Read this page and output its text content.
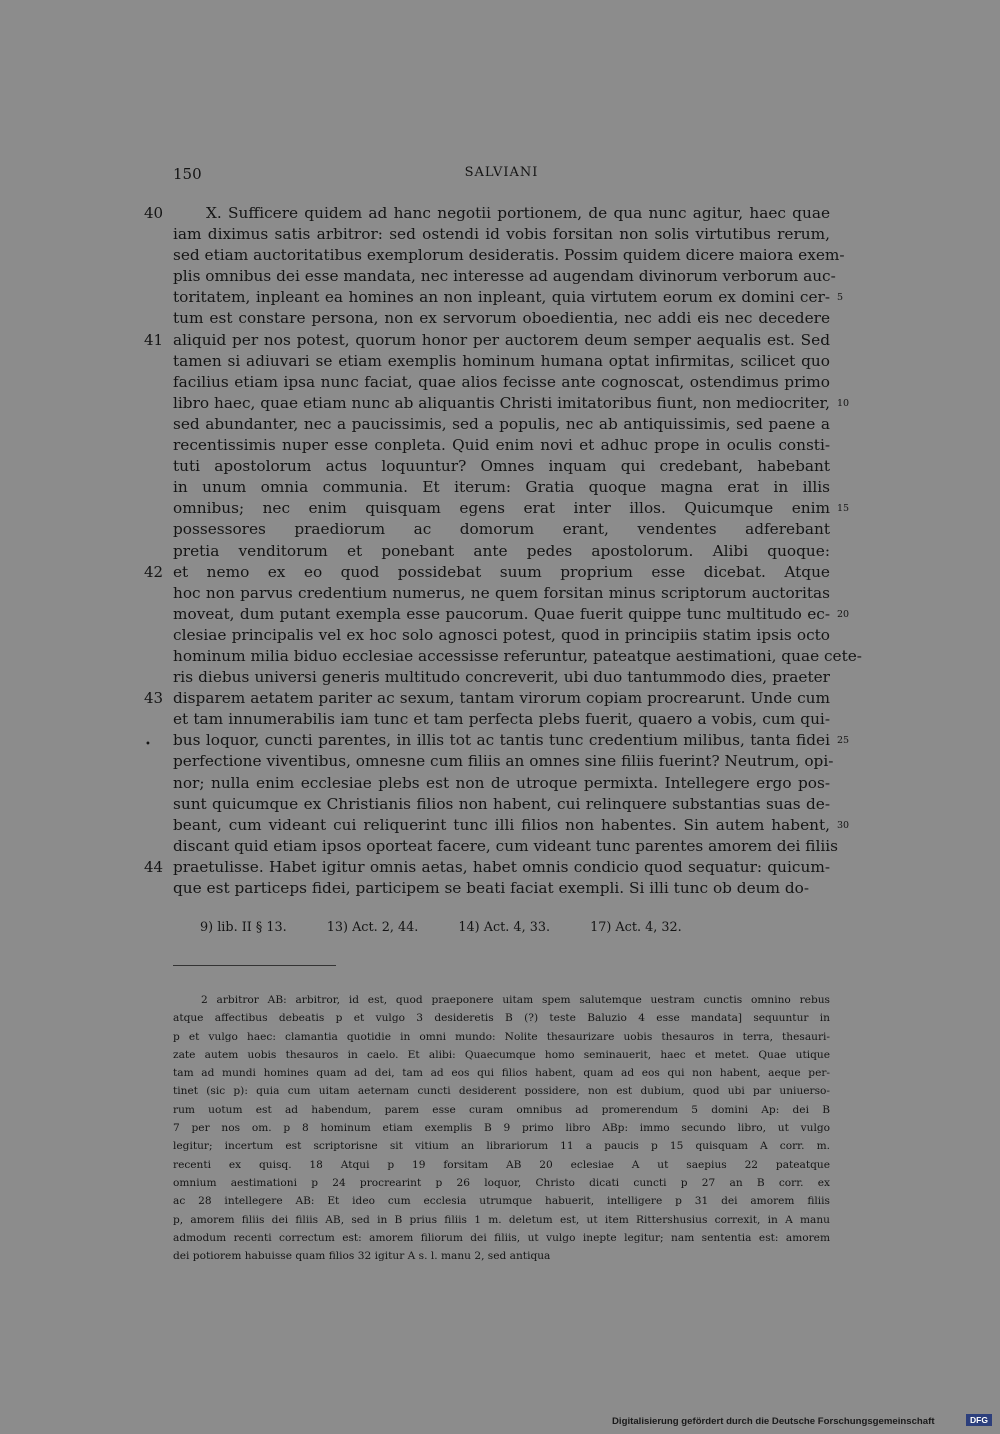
150	SALVIANI
40	X. Sufficere quidem ad hanc negotii portionem, de qua nunc agitur, haec quae
iam diximus satis arbitror: sed ostendi id vobis forsitan non solis virtutibus rerum,
sed etiam auctoritatibus exemplorum desideratis. Possim quidem dicere maiora exem-
plis omnibus dei esse mandata, nec interesse ad augendam divinorum verborum auc-
toritatem, inpleant ea homines an non inpleant, quia virtutem eorum ex domini cer- 5
tum est constare persona, non ex servorum oboedientia, nec addi eis nec decedere
41 aliquid per nos potest, quorum honor per auctorem deum semper aequalis est. Sed
tamen si adiuvari se etiam exemplis hominum humana optat infirmitas, scilicet quo
facilius etiam ipsa nunc faciat, quae alios fecisse ante cognoscat, ostendimus primo
libro haec, quae etiam nunc ab aliquantis Christi imitatoribus fiunt, non mediocriter, 10
sed abundanter, nec a paucissimis, sed a populis, nec ab antiquissimis, sed paene a
recentissimis nuper esse conpleta. Quid enim novi et adhuc prope in oculis consti-
tuti apostolorum actus loquuntur? Omnes inquam qui credebant, habebant
in unum omnia communia. Et iterum: Gratia quoque magna erat in illis
omnibus; nec enim quisquam egens erat inter illos. Quicumque enim 15
possessores praediorum ac domorum erant, vendentes adferebant
pretia venditorum et ponebant ante pedes apostolorum. Alibi quoque:
42 et nemo ex eo quod possidebat suum proprium esse dicebat. Atque
hoc non parvus credentium numerus, ne quem forsitan minus scriptorum auctoritas
moveat, dum putant exempla esse paucorum. Quae fuerit quippe tunc multitudo ec- 20
clesiae principalis vel ex hoc solo agnosci potest, quod in principiis statim ipsis octo
hominum milia biduo ecclesiae accessisse referuntur, pateatque aestimationi, quae cete-
ris diebus universi generis multitudo concreverit, ubi duo tantummodo dies, praeter
43 disparem aetatem pariter ac sexum, tantam virorum copiam procrearunt. Unde cum
et tam innumerabilis iam tunc et tam perfecta plebs fuerit, quaero a vobis, cum qui-
bus loquor, cuncti parentes, in illis tot ac tantis tunc credentium milibus, tanta fidei 25
perfectione viventibus, omnesne cum filiis an omnes sine filiis fuerint? Neutrum, opi-
nor; nulla enim ecclesiae plebs est non de utroque permixta. Intellegere ergo pos-
sunt quicumque ex Christianis filios non habent, cui relinquere substantias suas de-
beant, cum videant cui reliquerint tunc illi filios non habentes. Sin autem habent, 30
discant quid etiam ipsos oporteat facere, cum videant tunc parentes amorem dei filiis
44 praetulisse. Habet igitur omnis aetas, habet omnis condicio quod sequatur: quicum-
que est particeps fidei, participem se beati faciat exempli. Si illi tunc ob deum do-
•
9) lib. II § 13.	13) Act. 2, 44.	14) Act. 4, 33.	17) Act. 4, 32.
2 arbitror AB: arbitror, id est, quod praeponere uitam spem salutemque uestram cunctis omnino rebus
atque affectibus debeatis p et vulgo 3 desideretis B (?) teste Baluzio 4 esse mandata] sequuntur in
p et vulgo haec: clamantia quotidie in omni mundo: Nolite thesaurizare uobis thesauros in terra, thesauri-
zate autem uobis thesauros in caelo. Et alibi: Quaecumque homo seminauerit, haec et metet. Quae utique
tam ad mundi homines quam ad dei, tam ad eos qui filios habent, quam ad eos qui non habent, aeque per-
tinet (sic p): quia cum uitam aeternam cuncti desiderent possidere, non est dubium, quod ubi par uniuerso-
rum uotum est ad habendum, parem esse curam omnibus ad promerendum 5 domini Ap: dei B
7 per nos om. p 8 hominum etiam exemplis B 9 primo libro ABp: immo secundo libro, ut vulgo
legitur; incertum est scriptorisne sit vitium an librariorum 11 a paucis p 15 quisquam A corr. m.
recenti ex quisq. 18 Atqui p 19 forsitam AB 20 eclesiae A ut saepius 22 pateatque
omnium aestimationi p 24 procrearint p 26 loquor, Christo dicati cuncti p 27 an B corr. ex
ac 28 intellegere AB: Et ideo cum ecclesia utrumque habuerit, intelligere p 31 dei amorem filiis
p, amorem filiis dei filiis AB, sed in B prius filiis 1 m. deletum est, ut item Rittershusius correxit, in A manu
admodum recenti correctum est: amorem filiorum dei filiis, ut vulgo inepte legitur; nam sententia est: amorem
dei potiorem habuisse quam filios 32 igitur A s. l. manu 2, sed antiqua
Digitalisierung gefördert durch die Deutsche Forschungsgemeinschaft	DFG
